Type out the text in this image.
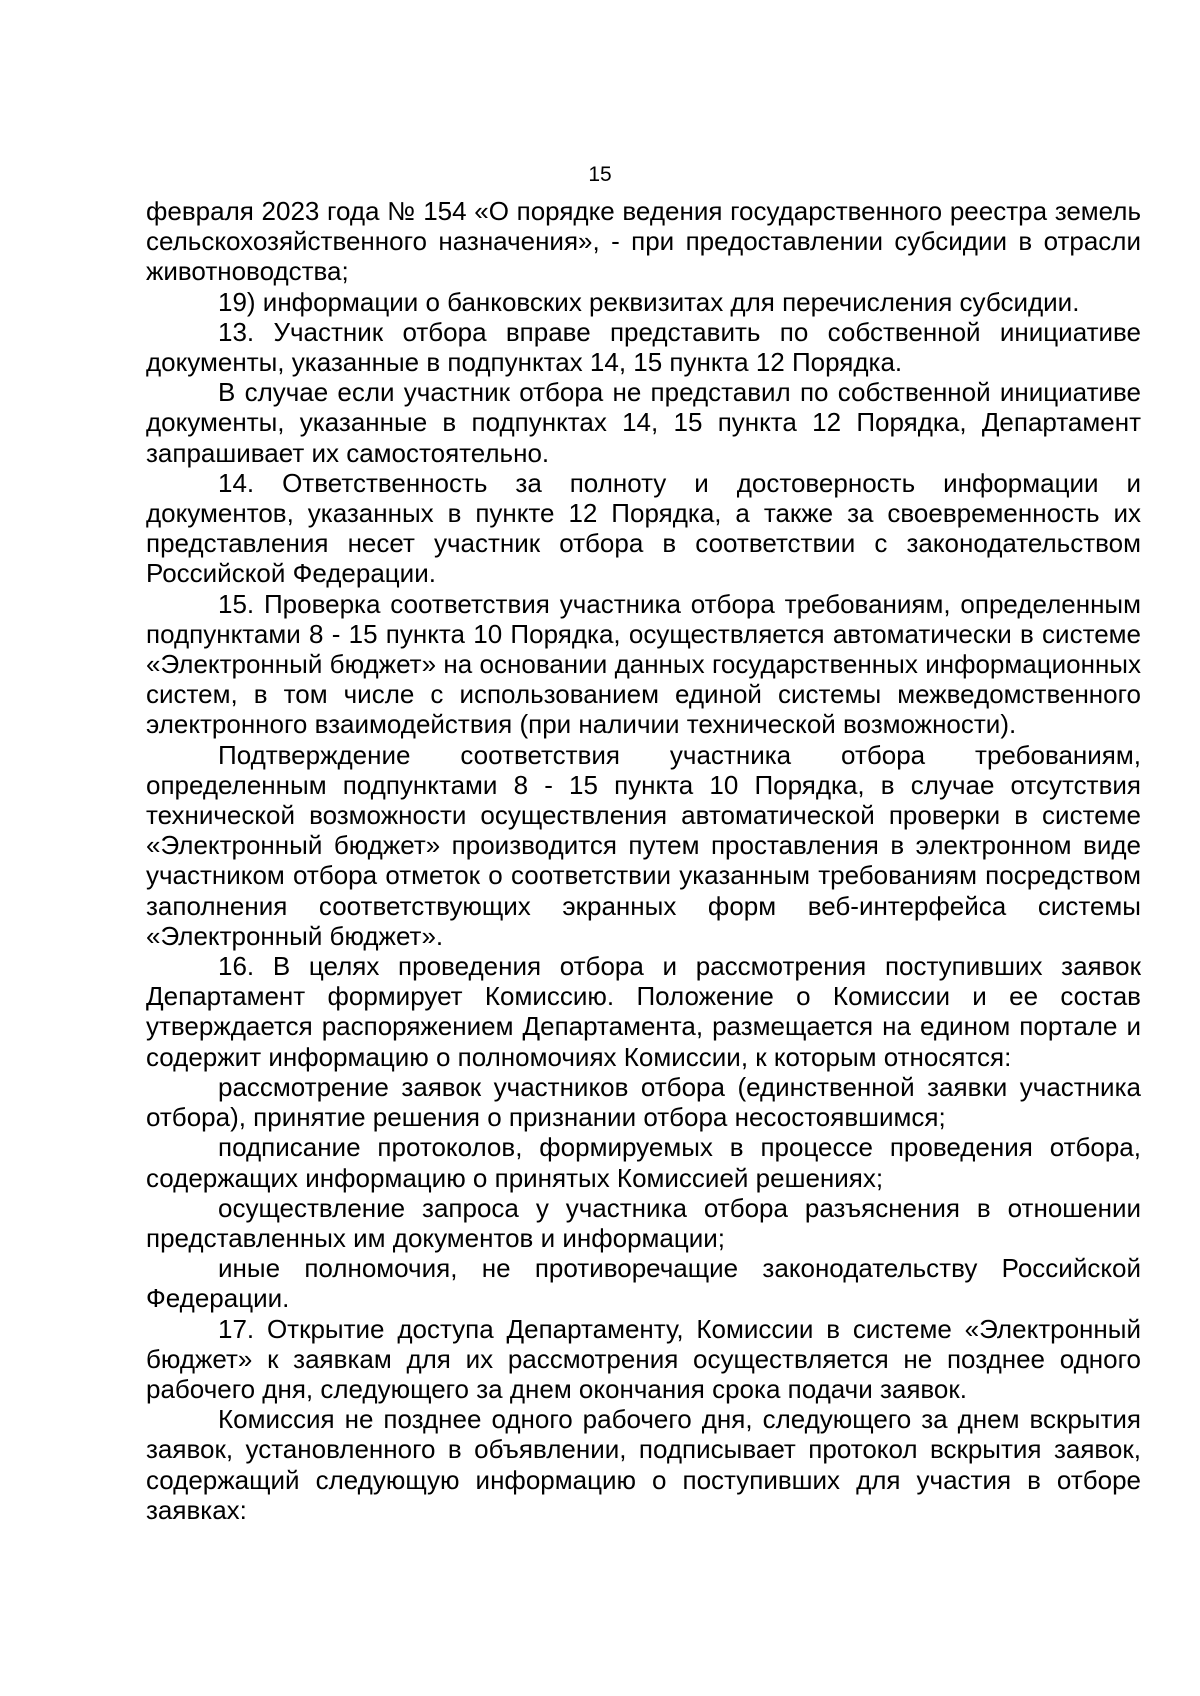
15

февраля 2023 года № 154 «О порядке ведения государственного реестра земель сельскохозяйственного назначения», - при предоставлении субсидии в отрасли животноводства;

19) информации о банковских реквизитах для перечисления субсидии.

13. Участник отбора вправе представить по собственной инициативе документы, указанные в подпунктах 14, 15 пункта 12 Порядка.

В случае если участник отбора не представил по собственной инициативе документы, указанные в подпунктах 14, 15 пункта 12 Порядка, Департамент запрашивает их самостоятельно.

14. Ответственность за полноту и достоверность информации и документов, указанных в пункте 12 Порядка, а также за своевременность их представления несет участник отбора в соответствии с законодательством Российской Федерации.

15. Проверка соответствия участника отбора требованиям, определенным подпунктами 8 - 15 пункта 10 Порядка, осуществляется автоматически в системе «Электронный бюджет» на основании данных государственных информационных систем, в том числе с использованием единой системы межведомственного электронного взаимодействия (при наличии технической возможности).

Подтверждение соответствия участника отбора требованиям, определенным подпунктами 8 - 15 пункта 10 Порядка, в случае отсутствия технической возможности осуществления автоматической проверки в системе «Электронный бюджет» производится путем проставления в электронном виде участником отбора отметок о соответствии указанным требованиям посредством заполнения соответствующих экранных форм веб-интерфейса системы «Электронный бюджет».

16. В целях проведения отбора и рассмотрения поступивших заявок Департамент формирует Комиссию. Положение о Комиссии и ее состав утверждается распоряжением Департамента, размещается на едином портале и содержит информацию о полномочиях Комиссии, к которым относятся:

рассмотрение заявок участников отбора (единственной заявки участника отбора), принятие решения о признании отбора несостоявшимся;

подписание протоколов, формируемых в процессе проведения отбора, содержащих информацию о принятых Комиссией решениях;

осуществление запроса у участника отбора разъяснения в отношении представленных им документов и информации;

иные полномочия, не противоречащие законодательству Российской Федерации.

17. Открытие доступа Департаменту, Комиссии в системе «Электронный бюджет» к заявкам для их рассмотрения осуществляется не позднее одного рабочего дня, следующего за днем окончания срока подачи заявок.

Комиссия не позднее одного рабочего дня, следующего за днем вскрытия заявок, установленного в объявлении, подписывает протокол вскрытия заявок, содержащий следующую информацию о поступивших для участия в отборе заявках:
